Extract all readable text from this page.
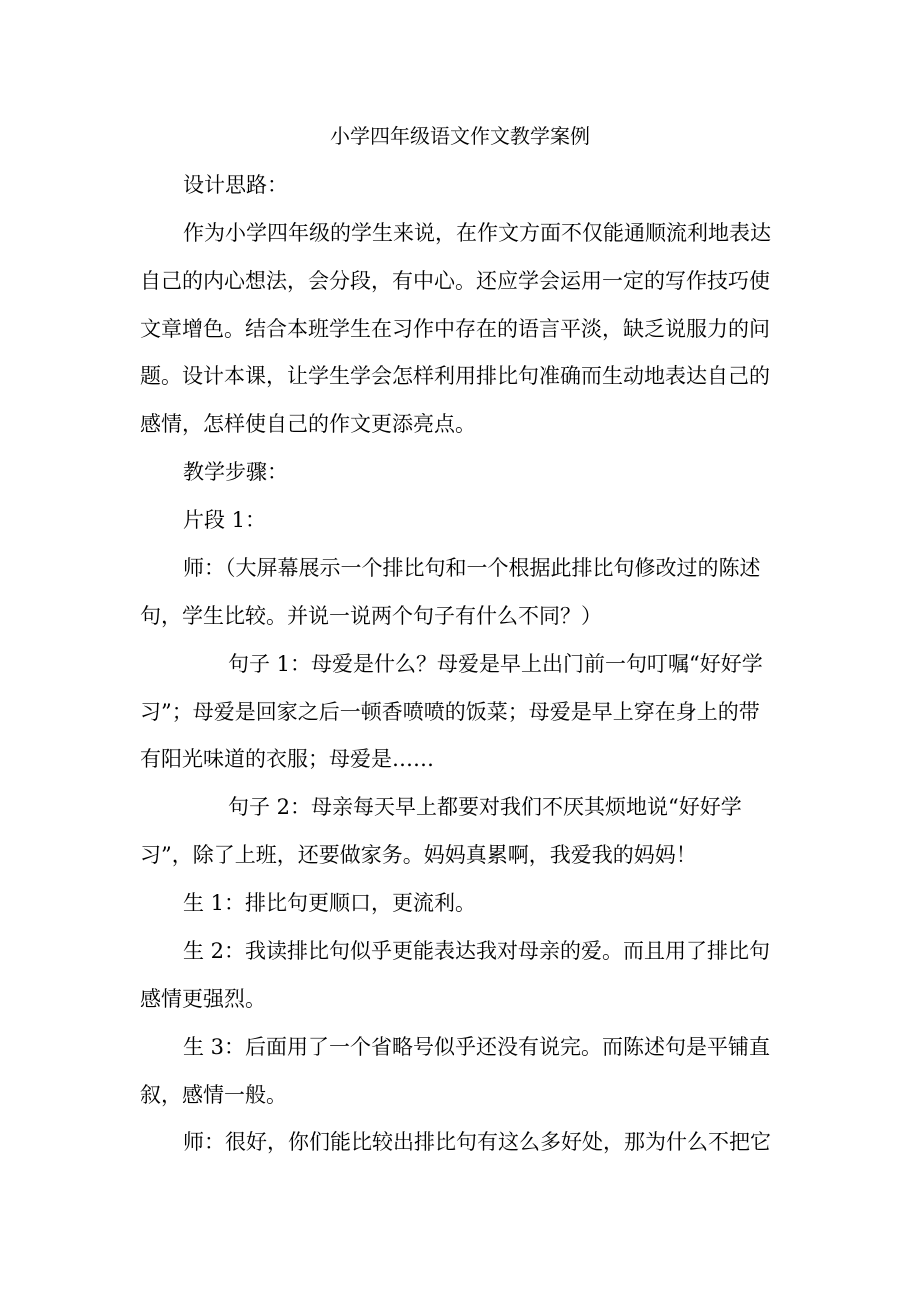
小学四年级语文作文教学案例

设计思路：

作为小学四年级的学生来说，在作文方面不仅能通顺流利地表达

自己的内心想法，会分段，有中心。还应学会运用一定的写作技巧使

文章增色。结合本班学生在习作中存在的语言平淡，缺乏说服力的问

题。设计本课，让学生学会怎样利用排比句准确而生动地表达自己的

感情，怎样使自己的作文更添亮点。

教学步骤：

片段 1：

师：（大屏幕展示一个排比句和一个根据此排比句修改过的陈述

句，学生比较。并说一说两个句子有什么不同？）

句子 1：母爱是什么？母爱是早上出门前一句叮嘱“好好学

习”；母爱是回家之后一顿香喷喷的饭菜；母爱是早上穿在身上的带

有阳光味道的衣服；母爱是……

句子 2：母亲每天早上都要对我们不厌其烦地说“好好学

习”，除了上班，还要做家务。妈妈真累啊，我爱我的妈妈！

生 1：排比句更顺口，更流利。

生 2：我读排比句似乎更能表达我对母亲的爱。而且用了排比句

感情更强烈。

生 3：后面用了一个省略号似乎还没有说完。而陈述句是平铺直

叙，感情一般。

师：很好，你们能比较出排比句有这么多好处，那为什么不把它
